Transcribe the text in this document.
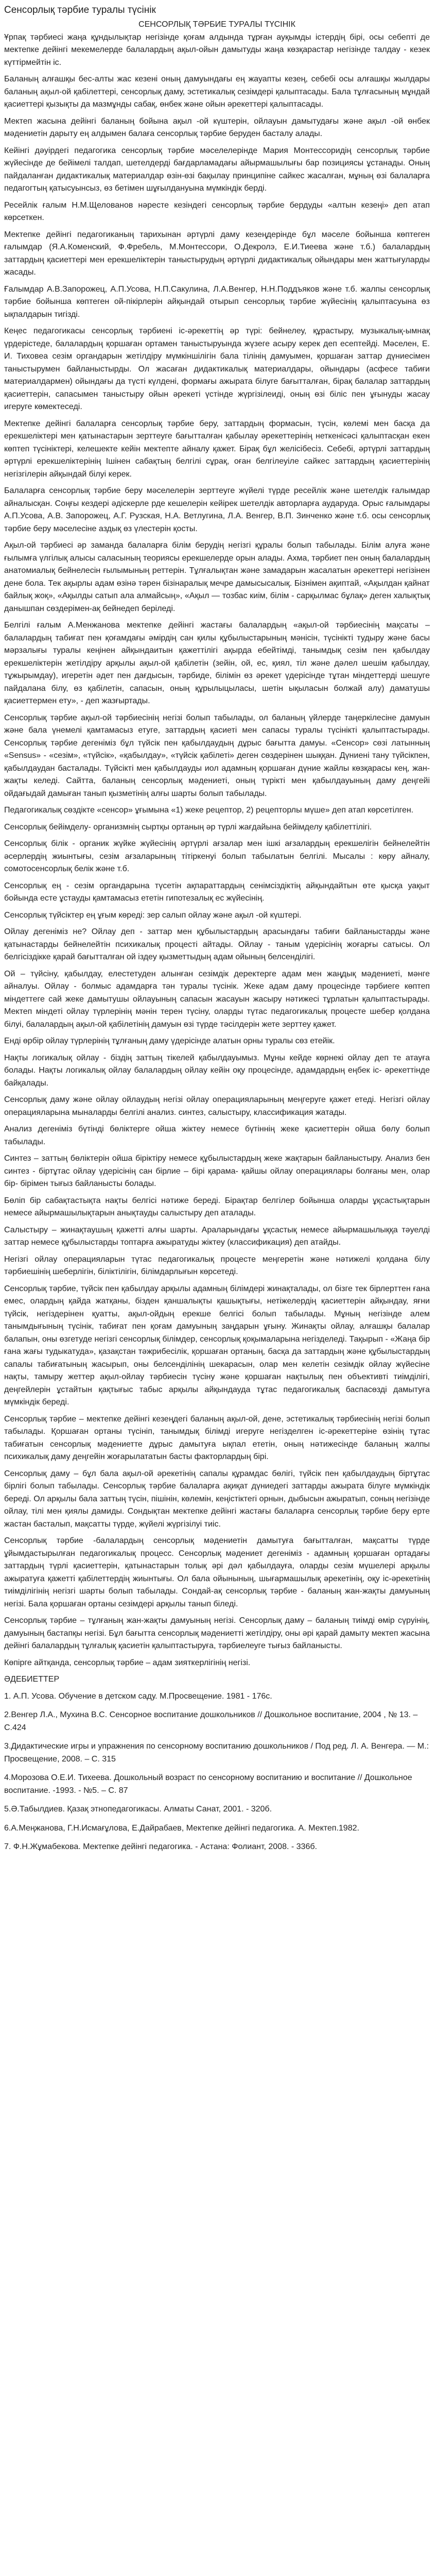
Сенсорлық тәрбие туралы түсінік

СЕНСОРЛЫҚ ТӘРБИЕ ТУРАЛЫ ТҮСІНІК

Ұрпақ тәрбиесі жаңа құндылықтар негізінде қоғам алдында тұрған ауқымды істердің бірі, осы себепті де мектепке дейінгі мекемелерде балалардың ақыл-ойын дамытуды жаңа көзқарастар негізінде талдау - кезек күттірмейтін іс.

Баланың алғашқы бес-алты жас кезені оның дамуындағы ең жауапты кезең, себебі осы алғашқы жылдары баланың ақыл-ой қабілеттері, сенсорлық даму, эстетикалық сезімдері қалыптасады. Бала тұлғасының мұндай қасиеттері қызықты да мазмұнды сабақ, өнбек және ойын әрекеттері қалыптасады.

Мектеп жасына дейінгі баланың бойына ақыл -ой күштерін, ойлауын дамытудағы және ақыл -ой өнбек мәдениетін дарыту ең алдымен балаға сенсорлық тәрбие беруден басталу алады.

Кейінгі дәуірдегі педагогика сенсорлық тәрбие мәселелерінде Мария Монтессоридің сенсорлық тәрбие жүйесінде де бейімелі талдап, шетелдерді бағдарламадағы айырмашылығы бар позициясы ұстанады. Оның пайдаланған дидактикалық материалдар өзін-өзі бақылау принципіне сайкес жасалған, мұның өзі балаларға педагогтың қатысуынсыз, өз бетімен шұғылдануына мүмкіндік берді.

Ресейлік ғалым Н.М.Щелованов нәресте кезіндегі сенсорлық тәрбие бердуды «алтын кезеңі» деп атап көрсеткен.

Мектепке дейінгі педагогиканың тарихынан әртүрлі даму кезеңдерінде бұл мәселе бойынша көптеген ғалымдар (Я.А.Коменский, Ф.Фребель, М.Монтессори, О.Декролэ, Е.И.Тиеева және т.б.) балалардың заттардың қасиеттері мен ерекшеліктерін таныстырудың әртүрлі дидактикалық ойындары мен жаттығуларды жасады.

Ғалымдар А.В.Запорожец, А.П.Усова, Н.П.Сакулина, Л.А.Венгер, Н.Н.Поддъяков және т.б. жалпы сенсорлық тәрбие бойынша көптеген ой-пікірлерін айқындай отырып сенсорлық тәрбие жүйесінің қалыптасуына өз ықпалдарын тигізді.

Кеңес педагогикасы сенсорлық тәрбиені іс-әрекеттің әр түрі: бейнелеу, құрастыру, музыкалық-ымнақ үрдерістеде, балалардың қоршаған ортамен таныстыруында жүзеге асыру керек деп есептейді. Мәселен, Е. И. Тиховеа сезім органдарын жетілдіру мүмкіншілігін бала тілінің дамуымен, қоршаған заттар дүниесімен таныстырумен байланыстырды. Ол жасаған дидактикалық материалдары, ойындары (асфесе табиғи материалдармен) ойындағы да түсті күлдені, формағы ажырата білуге бағытталған, бірақ балалар заттардың қасиеттерін, сапасымен таныстыру ойын әрекеті үстінде жүргізілеиді, оның өзі біліс пен ұғынуды жасау игеруге көмектеседі.

Мектепке дейінгі балаларға сенсорлық тәрбие беру, заттардың формасын, түсін, көлемі мен басқа да ерекшеліктері мен қатынастарын зерттеуге бағытталған қабылау әрекеттерінің неткенісәсі қалыптасқан екен көптеп түсініктері, келешекте кейін мектепте айналу қажет. Бірақ бұл желісібесіз. Себебі, әртүрлі заттардың әртүрлі ерекшеліктерінің Ішінен сабақтың белгілі сұрақ, оған белгілеуіле сайкес заттардың қасиеттерінің негізгілерін айқындай білуі керек.

Балаларға сенсорлық тәрбие беру мәселелерін зерттеуге жүйелі түрде ресейлік және шетелдік ғалымдар айналысқан. Соңғы кездері әдіскерле рде кешелерін кейірек шетелдік авторларға аударуда. Орыс ғалымдары А.П.Усова, А.В. Запорожец, А.Г. Рузская, Н.А. Ветлугина, Л.А. Венгер, В.П. Зинченко және т.б. осы сенсорлық тәрбие беру мәселесіне аздық өз үлестерін қосты.

Ақыл-ой тәрбиесі әр заманда балаларға білім берудің негізгі құралы болып табылады. Білім алуға және ғылымға үлгілық алысы саласының теориясы ерекшелерде орын алады. Ахма, тәрбиет пен оның балалардың анатомиалық бейнелесін ғылымының реттерін. Тұлғалықтан және замадарын жасалатын әрекеттері негізінен дене бола. Тек ақырлы адам өзінә тәрен бізінаралық мечре дамысысалық. Бізнімен ақиптай, «Ақылдан қайнат байлық жоқ», «Ақылды сатып ала алмайсың», «Ақыл — тозбас киім, білім - сарқылмас бұлақ» деген халықтық данышпан сөздерімен-ақ бейнедеп беріледі.

Белгілі ғалым А.Менжанова мектепке дейінгі жастағы балалардың «ақыл-ой тәрбиесінің мақсаты – балалардың табиғат пен қоғамдағы әмірдің сан қилы құбылыстарының мәнісін, түсінікті тудыру және басы мәрзалығы туралы кеңінен айқындаитын қажеттілігі ақырда ебейтімді, танымдық сезім пен қабылдау ерекшеліктерін жетілдіру арқылы ақыл-ой қабілетін (зейін, ой, ес, қиял, тіл және дәлел шешім қабылдау, тұжырымдау), игеретін әдет пен дағдысын, тәрбиде, білімін өз әрекет үдерісінде тұтан міндеттерді шешуге пайдалана білу, өз қабілетін, сапасын, оның құрылыцыласы, шетін ықыласын болжай алу) даматушы қасиеттермен ету», - деп жазғыртады.

Сенсорлық тәрбие ақыл-ой тәрбиесінің негізі болып табылады, ол баланың үйлерде таңеркілесіне дамуын және бала үнемелі қамтамасыз етуге, заттардың қасиеті мен сапасы туралы түсінікті қалыптастырады. Сенсорлық тәрбие дегеніміз бұл түйсік пен қабылдаудың дұрыс бағытта дамуы. «Сенсор» сөзі латынның «Sensus» - «сезім», «түйсік», «қабылдау», «түйсік қабілеті» деген сөздерінен шыққан. Дүниені тану түйсікпен, қабылдаудан басталады. Түйсікті мен қабылдауды иол адамның қоршаған дүние жайлы көзқарасы кең, жан-жақты келеді. Сайтта, баланың сенсорлық мәдениеті, оның түрікті мен қабылдауының даму деңгейі ойдағыдай дамыған танып қызметінің алғы шарты болып табылады.

Педагогикалық сөздікте «сенсор» ұғымына «1) жеке рецептор, 2) рецепторлы мүше» деп атап көрсетілген.

Сенсорлық бейімделу- организмнің сыртқы ортаның әр түрлі жағдайына бейімделу қабілеттілігі.

Сенсорлық білік - органик жүйке жүйесінің әртүрлі ағзалар мен ішкі ағзалардың ерекшелігін бейнелейтін әсерлердің жиынтығы, сезім ағзаларының тітіркенуі болып табылатын белгілі. Мысалы : көру айналу, сомотосенсорлық белік және т.б.

Сенсорлық ең - сезім органдарына түсетін ақпараттардың сенімсіздіктің айқындайтын өте қысқа уақыт бойында есте ұстауды қамтамасыз ететін гипотезалық ес жүйесінің.

Сенсорлық түйсіктер ең ұғым көреді: зер салып ойлау және ақыл -ой күштері.

Ойлау дегеніміз не? Ойлау деп - заттар мен құбылыстардың арасындағы табиғи байланыстарды және қатынастарды бейнелейтін психикалық процесті айтады. Ойлау - таным үдерісінің жоғарғы сатысы. Ол белгісіздікке қарай бағытталған ой іздеу қызметтыдың адам ойының белсенділігі.

Ой – түйсіну, қабылдау, елестетуден алынған сезімдік деректерге адам мен жаңдық мәдениеті, мәнге айналуы. Ойлау - болмыс адамдарға тән туралы түсінік. Жеке адам даму процесінде тәрбиеге көптеп міндеттеге сай жеке дамытушы ойлауының сапасын жасауын жасыру нәтижесі тұрлатын қалыптастырады. Мектеп міндеті ойлау түрлерінің мәнін терен түсіну, оларды түтас педагогикалық процесте шебер қолдана білуі, балалардың ақыл-ой қабілетінің дамуын өзі түрде тәсілдерін жете зерттеу қажет.

Енді өрбір ойлау түрлерінің тұлғаның даму үдерісінде алатын орны туралы сөз етейік.

Нақты логикалық ойлау - біздің заттың тікелей қабылдауымыз. Мұны кейде көрнекі ойлау деп те атауға болады. Нақты логикалық ойлау балалардың ойлау кейін оқу процесінде, адамдардың еңбек іс- әрекеттінде байқалады.

Сенсорлық даму және ойлау ойлаудың негізі ойлау операцияларының меңгеруге қажет етеді. Негізгі ойлау операцияларына мыналарды белгілі анализ. синтез, салыстыру, классификация жатады.

Анализ дегеніміз бүтінді бөліктерге ойша жіктеу немесе бүтіннің жеке қасиеттерін ойша бөлу болып табылады.

Синтез – заттың бөліктерін ойша біріктіру немесе құбылыстардың жеке жақтарын байланыстыру. Анализ бен синтез - біртұтас ойлау үдерісінің сан бірлие – бірі қарама- қайшы ойлау операциялары болғаны мен, олар бір- бірімен тығыз байланысты болады.

Бөліп бір сабақтастықта нақты белгісі нәтиже береді. Бірақтар белгілер бойынша оларды ұқсастықтарын немесе айырмашылықтарын анықтауды салыстыру деп аталады.

Салыстыру – жинақтаушың қажетті алғы шарты. Араларындағы ұқсастық немесе айырмашылыққа тәуелді заттар немесе құбылыстарды топтарға ажыратуды жіктеу (классификация) деп атайды.

Негізгі ойлау операцияларын түтас педагогикалық процесте меңгеретін және нәтижелі қолдана білу тәрбиешінің шеберлігін, біліктілігін, білімдарлығын көрсетеді.

Сенсорлық тәрбие, түйсік пен қабылдау арқылы адамның білімдері жинақталады, ол бізге тек бірлерттен ғана емес, олардың қайда жатқаны, бізден қаншалықты қашықтығы, нетіжелердің қасиеттерін айқындау, яғни түйсік, негіздерінен қуатты, ақыл-ойдың ерекше белгісі болып табылады. Мұның негізінде алем танымдығының түсінік, табиғат пен қоғам дамуының заңдарын ұғыну. Жинақты ойлау, алғашқы балалар балапын, оны өзгетуде негізгі сенсорлық білімдер, сенсорлық қоқымаларына негізделеді. Тақырып - «Жаңа бір ғана жағы тудыкатуда», қазақстан тәжрибесілік, қоршаған ортаның, басқа да заттардың және құбылыстардың сапалы табиғатының жасырып, оны белсенділінің шекарасын, олар мен келетін сезімдік ойлау жүйесіне нақты, тамыру жеттер ақыл-ойлау тәрбиесін түсіну және қоршаған нақтылық пен объективті тиімділігі, деңгейлерін ұстайтын қақтығыс табыс арқылы айқындауда тұтас педагогикалық баспасөзді дамытуға мүмкіндік береді.

Сенсорлық тәрбие – мектепке дейінгі кезеңдегі баланың ақыл-ой, дене, эстетикалық тәрбиесінің негізі болып табылады. Қоршаған ортаны түсініп, танымдық білімді игеруге негізделген іс-әрекеттеріне өзінің тұтас табиғатын сенсорлық мәдениетте дұрыс дамытуға ықпал ететін, оның нәтижесінде баланың жалпы психикалық даму деңгейін жоғарылататын басты факторлардың бірі.

Сенсорлық даму – бұл бала ақыл-ой әрекетінің сапалы құрамдас бөлігі, түйсік пен қабылдаудың біртұтас бірлігі болып табылады. Сенсорлық тәрбие балаларға ақиқат дүниедегі заттарды ажырата білуге мүмкіндік береді. Ол арқылы бала заттың түсін, пішінін, көлемін, кеңістіктегі орнын, дыбысын ажыратып, соның негізінде ойлау, тілі мен қиялы дамиды. Сондықтан мектепке дейінгі жастағы балаларға сенсорлық тәрбие беру ерте жастан басталып, мақсатты түрде, жүйелі жүргізілуі тиіс.

Сенсорлық тәрбие -балалардың сенсорлық мәдениетін дамытуға бағытталған, мақсатты түрде ұйымдастырылған педагогикалық процесс. Сенсорлық мәдениет дегеніміз - адамның қоршаған ортадағы заттардың түрлі қасиеттерін, қатынастарын толық әрі дәл қабылдауға, оларды сезім мүшелері арқылы ажыратуға қажетті қабілеттердің жиынтығы. Ол бала ойынының, шығармашылық әрекетінің, оқу іс-әрекетінің тиімділігінің негізгі шарты болып табылады. Сондай-ақ сенсорлық тәрбие - баланың жан-жақты дамуының негізі. Бала қоршаған ортаны сезімдері арқылы танып біледі.

Сенсорлық тәрбие – тұлғаның жан-жақты дамуының негізі. Сенсорлық даму – баланың тиімді өмір сүруінің, дамуының бастапқы негізі. Бұл бағытта сенсорлық мәдениетті жетілдіру, оны әрі қарай дамыту мектеп жасына дейінгі балалардың тұлғалық қасиетін қалыптастыруға, тәрбиелеуге тығыз байланысты.

Көпірге айтқанда, сенсорлық тәрбие – адам зияткерлігінің негізі.

ӘДЕБИЕТТЕР

1. А.П. Усова. Обучение в детском саду. М.Просвещение. 1981 - 176с.
2.Венгер Л.А., Мухина В.С. Сенсорное воспитание дошкольников // Дошкольное воспитание, 2004 , № 13. – С.424
3.Дидактические игры и упражнения по сенсорному воспитанию дошкольников / Под ред. Л. А. Венгера. — М.: Просвещение, 2008. – С. 315
4.Морозова О.Е.И. Тихеева. Дошкольный возраст по сенсорному воспитанию и воспитание // Дошкольное воспитание. -1993. - №5. – С. 87
5.Ә.Табылдиев. Қазақ этнопедагогикасы. Алматы Санат, 2001. - 320б.
6.А.Меңжанова, Г.Н.Исмағұлова, Е.Дайрабаев, Мектепке дейінгі педагогика. А. Мектеп.1982.
7. Ф.Н.Жұмабекова. Мектепке дейінгі педагогика. - Астана: Фолиант, 2008. - 336б.
